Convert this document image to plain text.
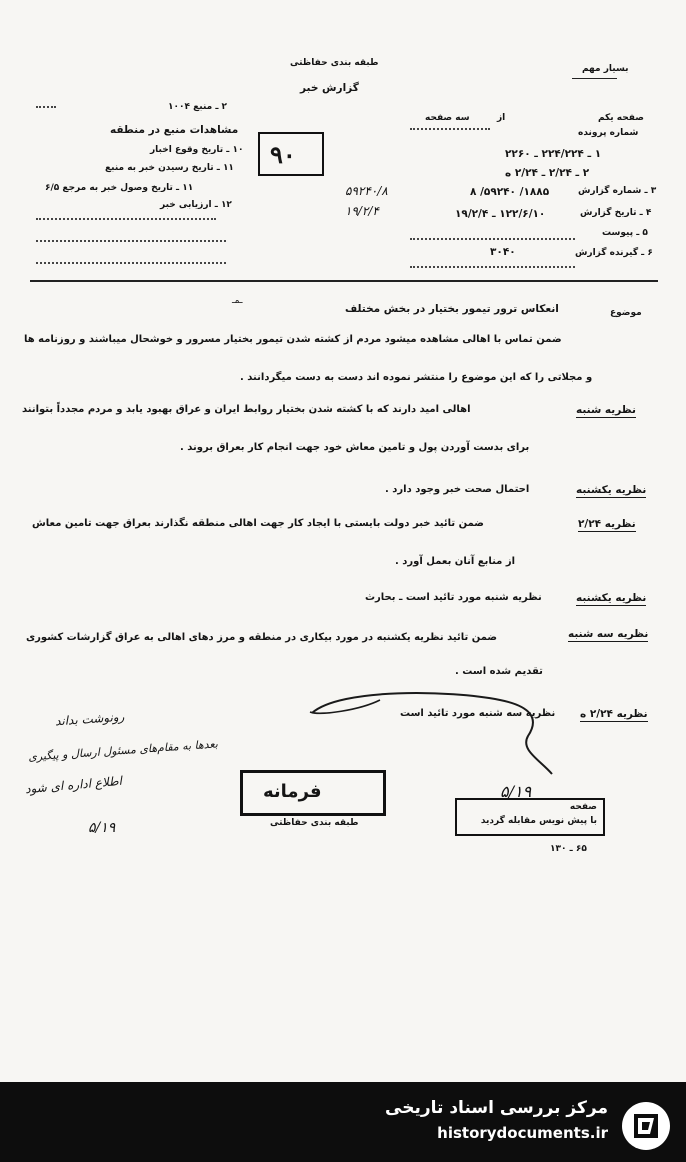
طبقه بندی حفاظتی
گزارش خبر
بسیار مهم
صفحه یکم
از
سه صفحه
شماره پرونده
۱ ـ ۲۲۴/۲۲۴ ـ ۲۲۶۰
۲ ـ ۲/۲۴ ـ ۲/۲۴ ه
۳ ـ شماره گزارش
۱۸۸۵/ ۵۹۲۴۰/ ۸
۴ ـ تاریخ گزارش
۱۲۲/۶/۱۰ ـ ۱۹/۲/۴
۵ ـ پیوست
۶ ـ گیرنده گزارش
۳۰۴۰
۵۹۲۴۰/۸
۱۹/۲/۴
۹۰
۲ ـ منبع ۱۰۰۴
مشاهدات منبع در منطقه
۱۰ ـ تاریخ وقوع اخبار
۱۱ ـ تاریخ رسیدن خبر به منبع
۱۱ ـ تاریخ وصول خبر به مرجع ۶/۵
۱۲ ـ ارزیابی خبر
موضوع
انعکاس ترور تیمور بختیار در بخش مختلف
ـمـ
ضمن تماس با اهالی مشاهده میشود مردم از کشته شدن تیمور بختیار مسرور و خوشحال میباشند و روزنامه ها
و مجلاتی را که این موضوع را منتشر نموده اند دست به دست میگردانند .
نظریه شنبه
اهالی امید دارند که با کشته شدن بختیار روابط ایران و عراق بهبود یابد و مردم مجدداً بتوانند
برای بدست آوردن پول و تامین معاش خود جهت انجام کار بعراق بروند .
نظریه یکشنبه
احتمال صحت خبر وجود دارد .
نظریه ۲/۲۴
ضمن تائید خبر دولت بایستی با ایجاد کار جهت اهالی منطقه نگذارند بعراق جهت تامین معاش
از منابع آنان بعمل آورد .
نظریه یکشنبه
نظریه شنبه مورد تائید است ـ بحارث
نظریه سه شنبه
ضمن تائید نظریه یکشنبه در مورد بیکاری در منطقه و مرز دهای اهالی به عراق گزارشات کشوری
تقدیم شده است .
نظریه ۲/۲۴ ه
نظریه سه شنبه مورد تائید است
رونوشت بداند
بعدها به مقام‌های مسئول ارسال و پیگیری
اطلاع اداره ای شود
۵/۱۹
فرمانه
طبقه بندی حفاظتی
۵/۱۹
صفحه
با پیش نویس مقابله گردید
۶۵ ـ ۱۳۰
مرکز بررسی اسناد تاریخی
historydocuments.ir
